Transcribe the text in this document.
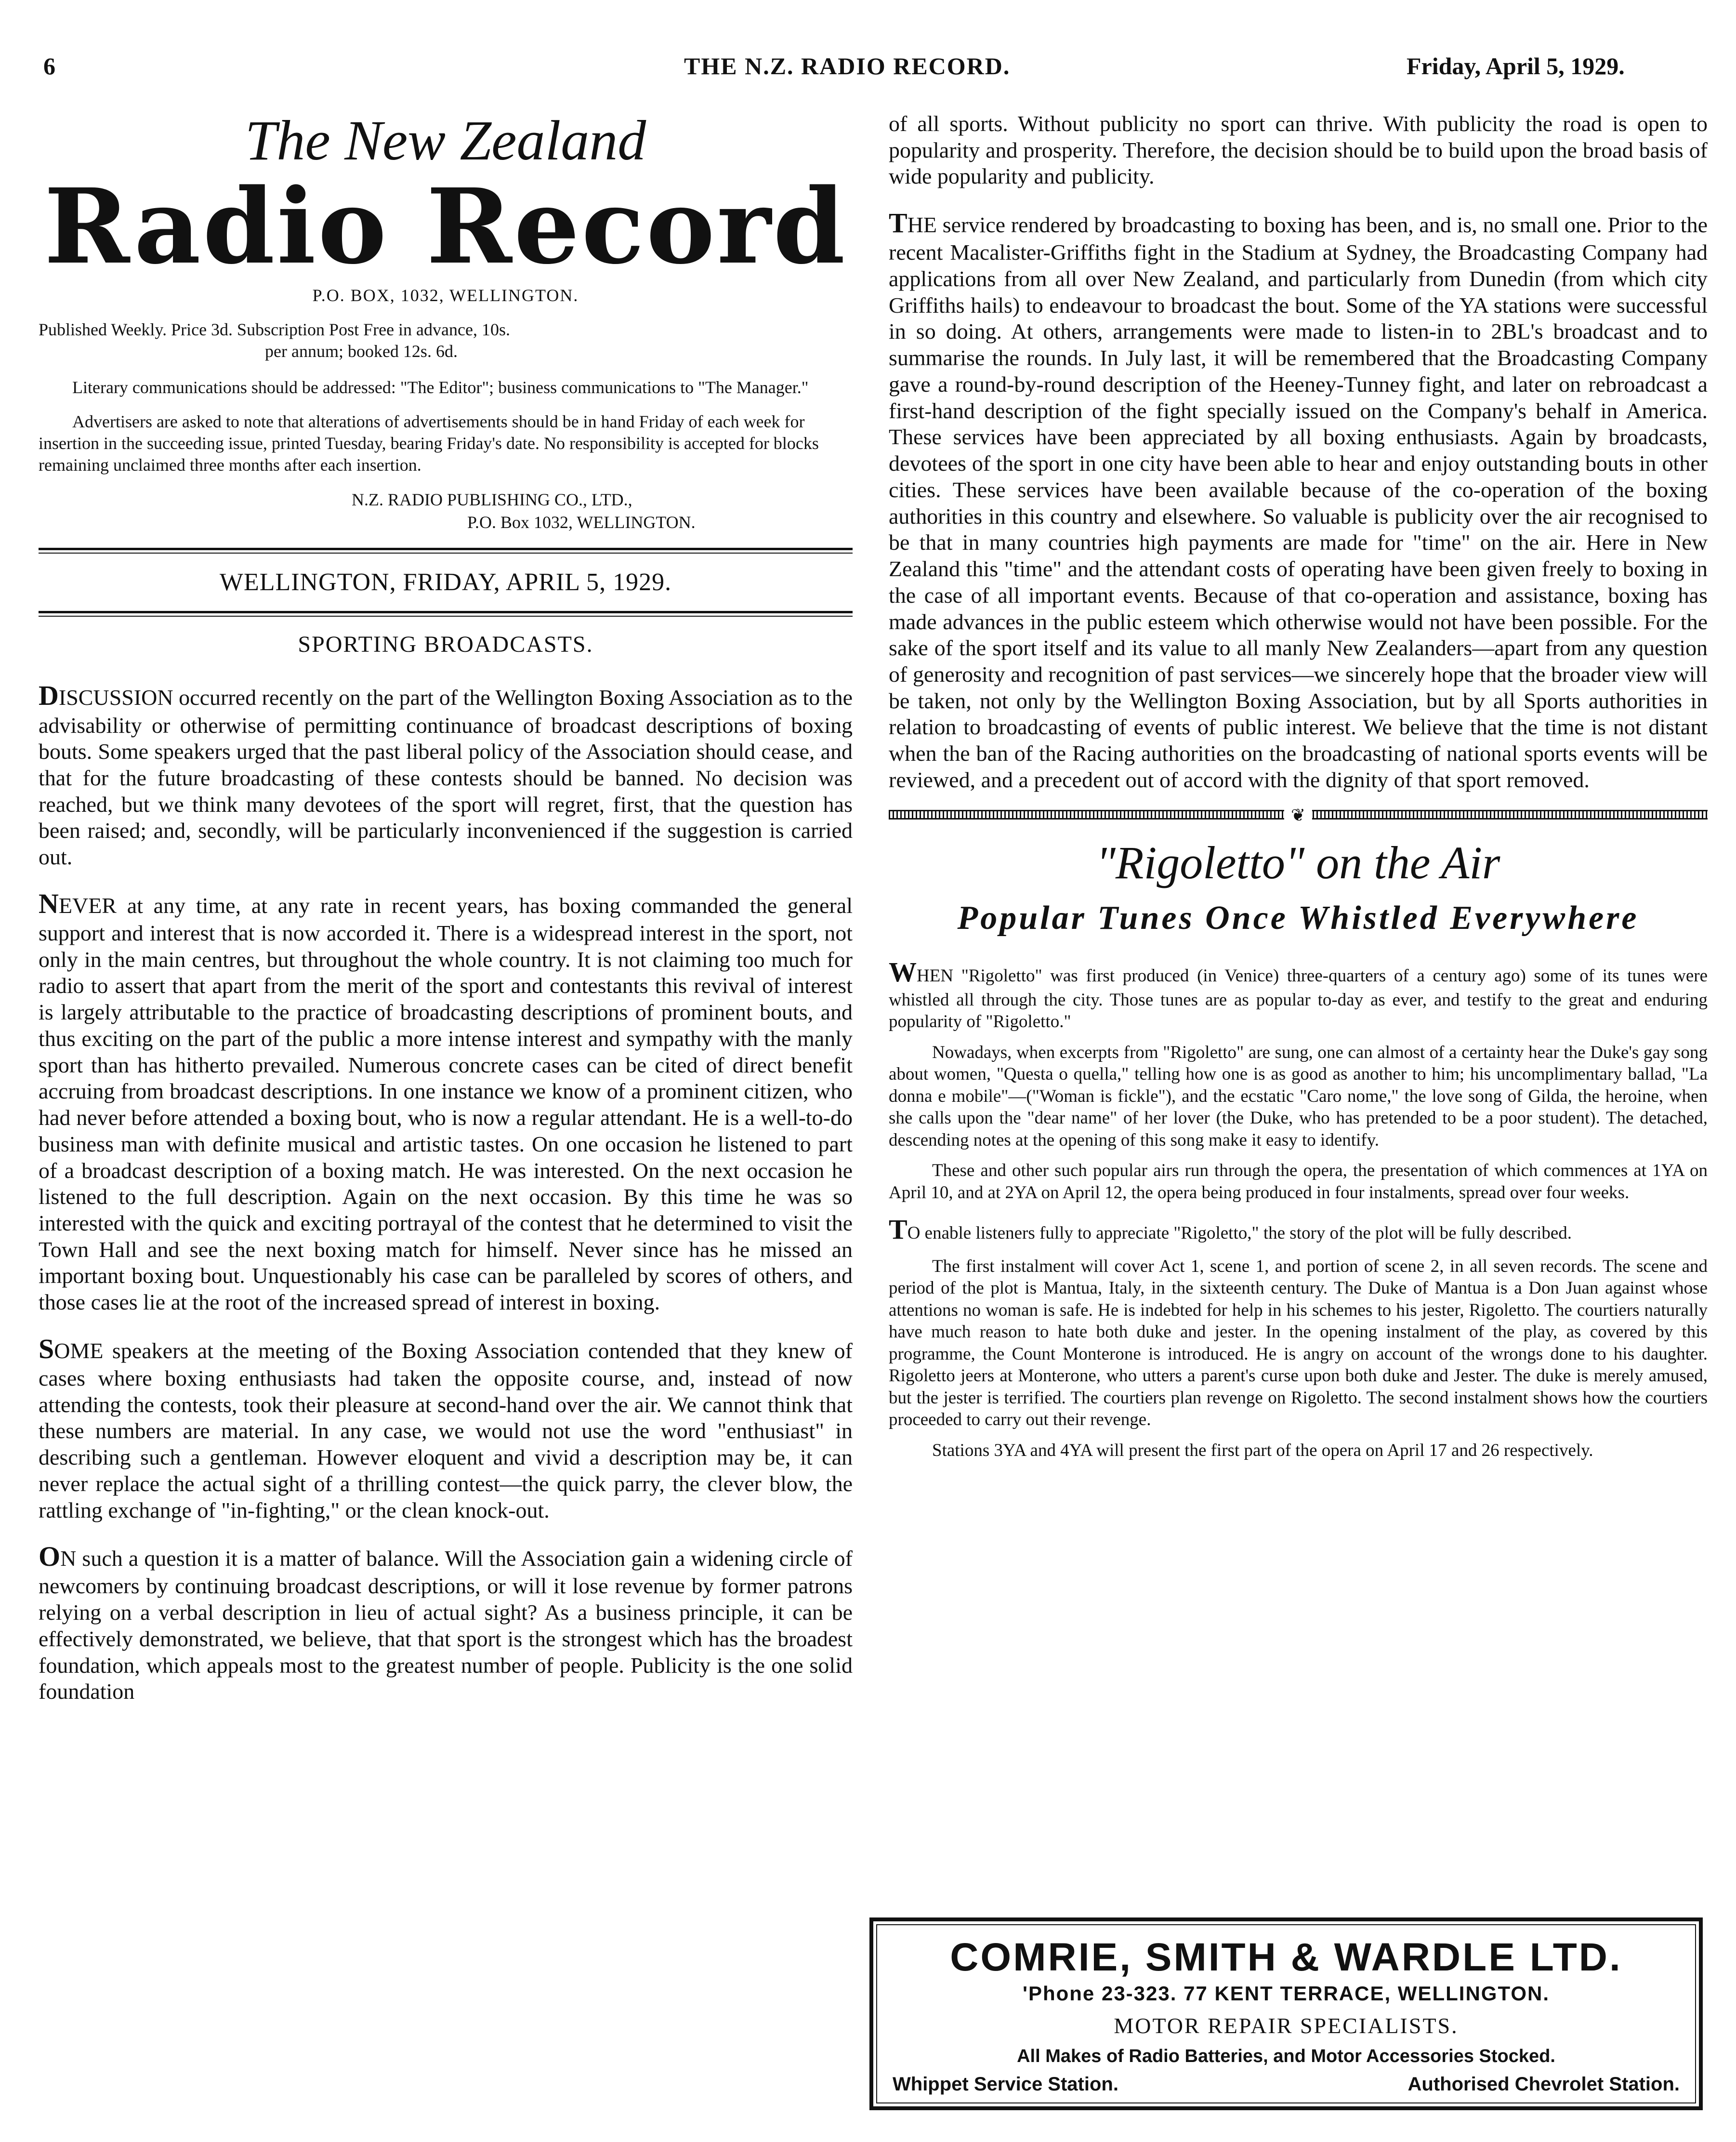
6	THE N.Z. RADIO RECORD.	Friday, April 5, 1929.
The New Zealand
Radio Record
P.O. BOX, 1032, WELLINGTON.
Published Weekly. Price 3d. Subscription Post Free in advance, 10s.
per annum; booked 12s. 6d.

Literary communications should be addressed: "The Editor"; business communications to "The Manager."

Advertisers are asked to note that alterations of advertisements should be in hand Friday of each week for insertion in the succeeding issue, printed Tuesday, bearing Friday's date. No responsibility is accepted for blocks remaining unclaimed three months after each insertion.

N.Z. RADIO PUBLISHING CO., LTD.,
P.O. Box 1032, WELLINGTON.
WELLINGTON, FRIDAY, APRIL 5, 1929.
SPORTING BROADCASTS.

DISCUSSION occurred recently on the part of the Wellington Boxing Association as to the advisability or otherwise of permitting continuance of broadcast descriptions of boxing bouts. Some speakers urged that the past liberal policy of the Association should cease, and that for the future broadcasting of these contests should be banned. No decision was reached, but we think many devotees of the sport will regret, first, that the question has been raised; and, secondly, will be particularly inconvenienced if the suggestion is carried out.

NEVER at any time, at any rate in recent years, has boxing commanded the general support and interest that is now accorded it. There is a widespread interest in the sport, not only in the main centres, but throughout the whole country. It is not claiming too much for radio to assert that apart from the merit of the sport and contestants this revival of interest is largely attributable to the practice of broadcasting descriptions of prominent bouts, and thus exciting on the part of the public a more intense interest and sympathy with the manly sport than has hitherto prevailed. Numerous concrete cases can be cited of direct benefit accruing from broadcast descriptions. In one instance we know of a prominent citizen, who had never before attended a boxing bout, who is now a regular attendant. He is a well-to-do business man with definite musical and artistic tastes. On one occasion he listened to part of a broadcast description of a boxing match. He was interested. On the next occasion he listened to the full description. Again on the next occasion. By this time he was so interested with the quick and exciting portrayal of the contest that he determined to visit the Town Hall and see the next boxing match for himself. Never since has he missed an important boxing bout. Unquestionably his case can be paralleled by scores of others, and those cases lie at the root of the increased spread of interest in boxing.

SOME speakers at the meeting of the Boxing Association contended that they knew of cases where boxing enthusiasts had taken the opposite course, and, instead of now attending the contests, took their pleasure at second-hand over the air. We cannot think that these numbers are material. In any case, we would not use the word "enthusiast" in describing such a gentleman. However eloquent and vivid a description may be, it can never replace the actual sight of a thrilling contest—the quick parry, the clever blow, the rattling exchange of "in-fighting," or the clean knock-out.

ON such a question it is a matter of balance. Will the Association gain a widening circle of newcomers by continuing broadcast descriptions, or will it lose revenue by former patrons relying on a verbal description in lieu of actual sight? As a business principle, it can be effectively demonstrated, we believe, that that sport is the strongest which has the broadest foundation, which appeals most to the greatest number of people. Publicity is the one solid foundation

of all sports. Without publicity no sport can thrive. With publicity the road is open to popularity and prosperity. Therefore, the decision should be to build upon the broad basis of wide popularity and publicity.

THE service rendered by broadcasting to boxing has been, and is, no small one. Prior to the recent Macalister-Griffiths fight in the Stadium at Sydney, the Broadcasting Company had applications from all over New Zealand, and particularly from Dunedin (from which city Griffiths hails) to endeavour to broadcast the bout. Some of the YA stations were successful in so doing. At others, arrangements were made to listen-in to 2BL's broadcast and to summarise the rounds. In July last, it will be remembered that the Broadcasting Company gave a round-by-round description of the Heeney-Tunney fight, and later on rebroadcast a first-hand description of the fight specially issued on the Company's behalf in America. These services have been appreciated by all boxing enthusiasts. Again by broadcasts, devotees of the sport in one city have been able to hear and enjoy outstanding bouts in other cities. These services have been available because of the co-operation of the boxing authorities in this country and elsewhere. So valuable is publicity over the air recognised to be that in many countries high payments are made for "time" on the air. Here in New Zealand this "time" and the attendant costs of operating have been given freely to boxing in the case of all important events. Because of that co-operation and assistance, boxing has made advances in the public esteem which otherwise would not have been possible. For the sake of the sport itself and its value to all manly New Zealanders—apart from any question of generosity and recognition of past services—we sincerely hope that the broader view will be taken, not only by the Wellington Boxing Association, but by all Sports authorities in relation to broadcasting of events of public interest. We believe that the time is not distant when the ban of the Racing authorities on the broadcasting of national sports events will be reviewed, and a precedent out of accord with the dignity of that sport removed.

❦
"Rigoletto" on the Air
Popular Tunes Once Whistled Everywhere

WHEN "Rigoletto" was first produced (in Venice) three-quarters of a century ago) some of its tunes were whistled all through the city. Those tunes are as popular to-day as ever, and testify to the great and enduring popularity of "Rigoletto."

Nowadays, when excerpts from "Rigoletto" are sung, one can almost of a certainty hear the Duke's gay song about women, "Questa o quella," telling how one is as good as another to him; his uncomplimentary ballad, "La donna e mobile"—("Woman is fickle"), and the ecstatic "Caro nome," the love song of Gilda, the heroine, when she calls upon the "dear name" of her lover (the Duke, who has pretended to be a poor student). The detached, descending notes at the opening of this song make it easy to identify.

These and other such popular airs run through the opera, the presentation of which commences at 1YA on April 10, and at 2YA on April 12, the opera being produced in four instalments, spread over four weeks.

TO enable listeners fully to appreciate "Rigoletto," the story of the plot will be fully described.

The first instalment will cover Act 1, scene 1, and portion of scene 2, in all seven records. The scene and period of the plot is Mantua, Italy, in the sixteenth century. The Duke of Mantua is a Don Juan against whose attentions no woman is safe. He is indebted for help in his schemes to his jester, Rigoletto. The courtiers naturally have much reason to hate both duke and jester. In the opening instalment of the play, as covered by this programme, the Count Monterone is introduced. He is angry on account of the wrongs done to his daughter. Rigoletto jeers at Monterone, who utters a parent's curse upon both duke and Jester. The duke is merely amused, but the jester is terrified. The courtiers plan revenge on Rigoletto. The second instalment shows how the courtiers proceeded to carry out their revenge.

Stations 3YA and 4YA will present the first part of the opera on April 17 and 26 respectively.

COMRIE, SMITH & WARDLE LTD.
'Phone 23-323. 77 KENT TERRACE, WELLINGTON.
MOTOR REPAIR SPECIALISTS.
All Makes of Radio Batteries, and Motor Accessories Stocked.
Whippet Service Station.	Authorised Chevrolet Station.
